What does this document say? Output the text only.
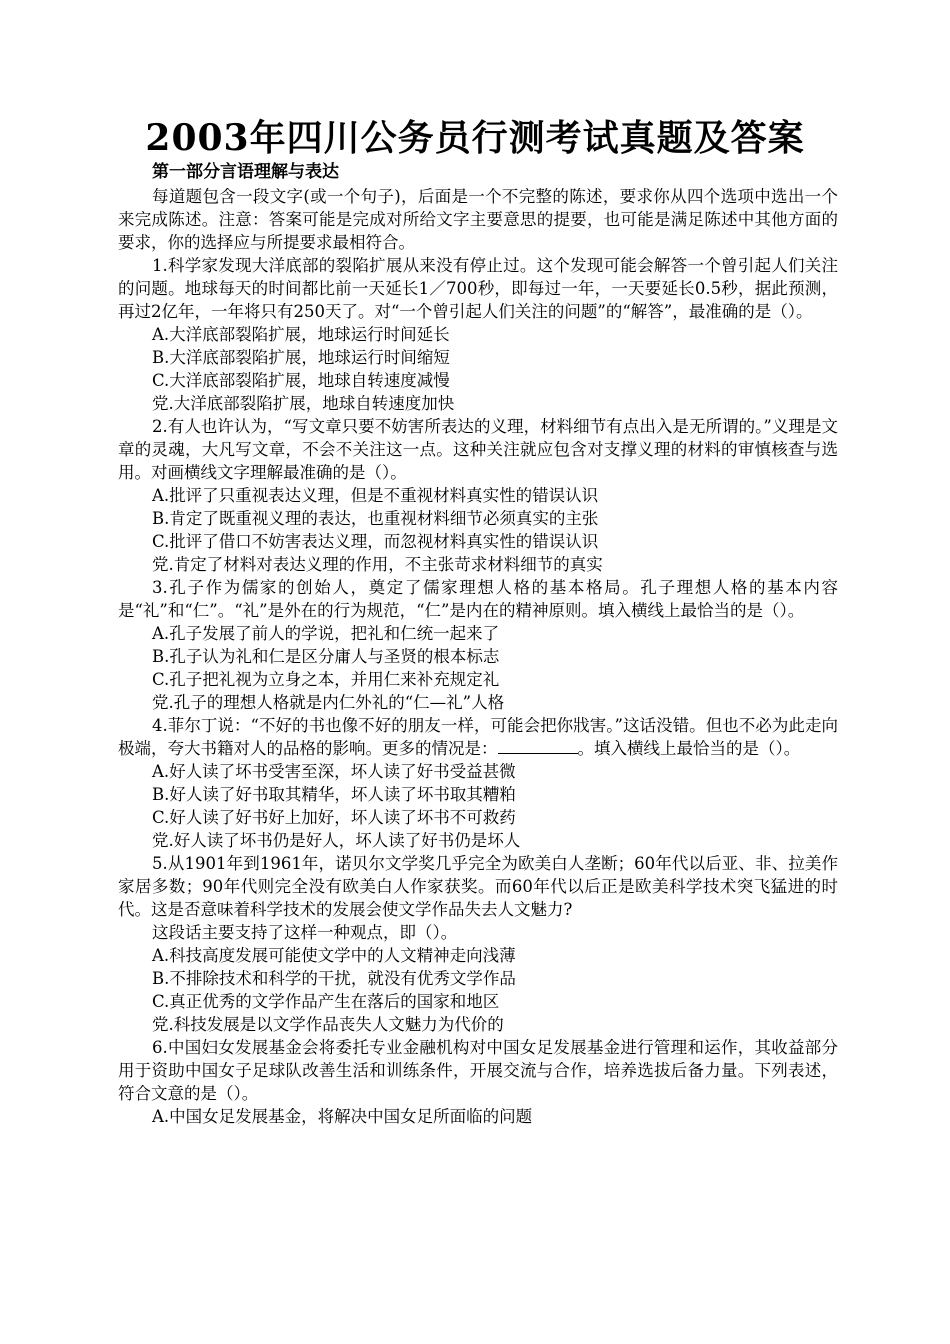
2003年四川公务员行测考试真题及答案
第一部分言语理解与表达

每道题包含一段文字(或一个句子)，后面是一个不完整的陈述，要求你从四个选项中选出一个来完成陈述。注意：答案可能是完成对所给文字主要意思的提要，也可能是满足陈述中其他方面的要求，你的选择应与所提要求最相符合。

1.科学家发现大洋底部的裂陷扩展从来没有停止过。这个发现可能会解答一个曾引起人们关注的问题。地球每天的时间都比前一天延长1／700秒，即每过一年，一天要延长0.5秒，据此预测，再过2亿年，一年将只有250天了。对“一个曾引起人们关注的问题”的“解答”，最准确的是（）。

A.大洋底部裂陷扩展，地球运行时间延长

B.大洋底部裂陷扩展，地球运行时间缩短

C.大洋底部裂陷扩展，地球自转速度减慢

党.大洋底部裂陷扩展，地球自转速度加快

2.有人也许认为，“写文章只要不妨害所表达的义理，材料细节有点出入是无所谓的。”义理是文章的灵魂，大凡写文章，不会不关注这一点。这种关注就应包含对支撑义理的材料的审慎核查与选用。对画横线文字理解最准确的是（）。

A.批评了只重视表达义理，但是不重视材料真实性的错误认识

B.肯定了既重视义理的表达，也重视材料细节必须真实的主张

C.批评了借口不妨害表达义理，而忽视材料真实性的错误认识

党.肯定了材料对表达义理的作用，不主张苛求材料细节的真实

3.孔子作为儒家的创始人，奠定了儒家理想人格的基本格局。孔子理想人格的基本内容是“礼”和“仁”。“礼”是外在的行为规范，“仁”是内在的精神原则。填入横线上最恰当的是（）。

A.孔子发展了前人的学说，把礼和仁统一起来了

B.孔子认为礼和仁是区分庸人与圣贤的根本标志

C.孔子把礼视为立身之本，并用仁来补充规定礼

党.孔子的理想人格就是内仁外礼的“仁—礼”人格

4.菲尔丁说：“不好的书也像不好的朋友一样，可能会把你戕害。”这话没错。但也不必为此走向极端，夸大书籍对人的品格的影响。更多的情况是：	。填入横线上最恰当的是（）。

A.好人读了坏书受害至深，坏人读了好书受益甚微

B.好人读了好书取其精华，坏人读了坏书取其糟粕

C.好人读了好书好上加好，坏人读了坏书不可救药

党.好人读了坏书仍是好人，坏人读了好书仍是坏人

5.从1901年到1961年，诺贝尔文学奖几乎完全为欧美白人垄断；60年代以后亚、非、拉美作家居多数；90年代则完全没有欧美白人作家获奖。而60年代以后正是欧美科学技术突飞猛进的时代。这是否意味着科学技术的发展会使文学作品失去人文魅力?

这段话主要支持了这样一种观点，即（）。

A.科技高度发展可能使文学中的人文精神走向浅薄

B.不排除技术和科学的干扰，就没有优秀文学作品

C.真正优秀的文学作品产生在落后的国家和地区

党.科技发展是以文学作品丧失人文魅力为代价的

6.中国妇女发展基金会将委托专业金融机构对中国女足发展基金进行管理和运作，其收益部分用于资助中国女子足球队改善生活和训练条件，开展交流与合作，培养选拔后备力量。下列表述，符合文意的是（）。

A.中国女足发展基金，将解决中国女足所面临的问题
